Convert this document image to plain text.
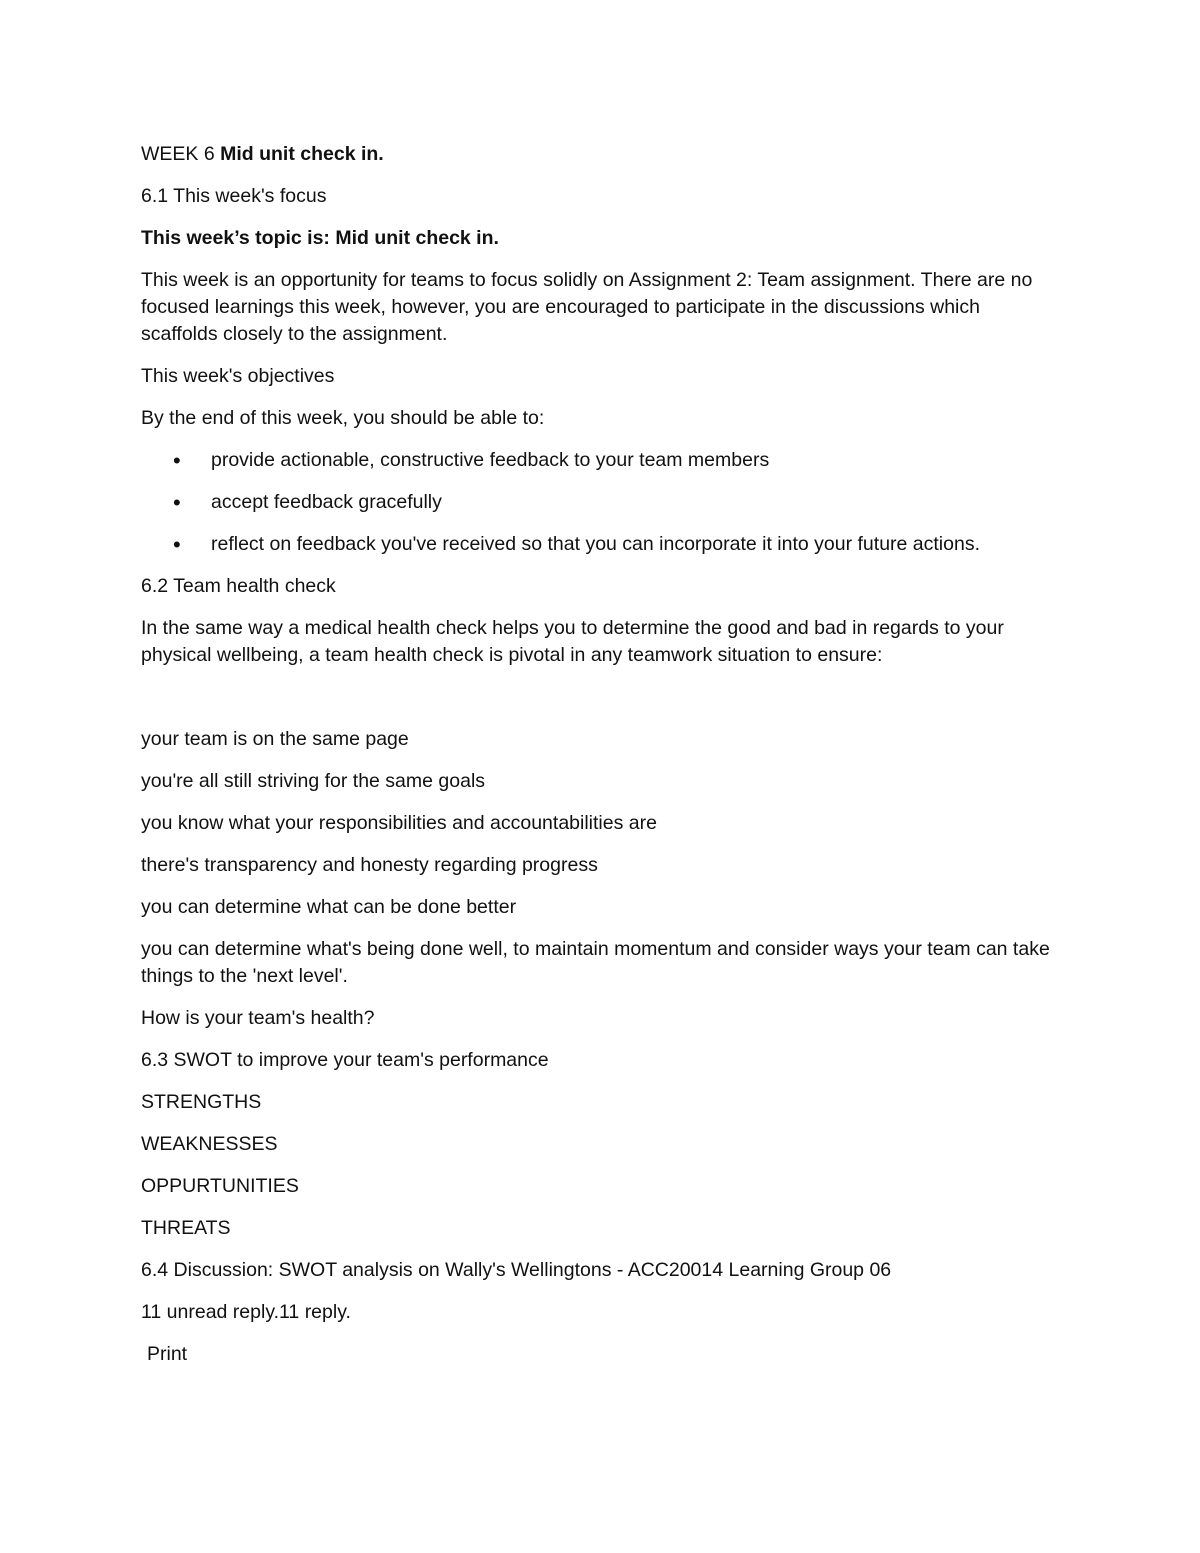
WEEK 6 Mid unit check in.

6.1 This week's focus

This week’s topic is: Mid unit check in.

This week is an opportunity for teams to focus solidly on Assignment 2: Team assignment. There are no focused learnings this week, however, you are encouraged to participate in the discussions which scaffolds closely to the assignment.

This week's objectives

By the end of this week, you should be able to:

• provide actionable, constructive feedback to your team members
• accept feedback gracefully
• reflect on feedback you've received so that you can incorporate it into your future actions.

6.2 Team health check

In the same way a medical health check helps you to determine the good and bad in regards to your physical wellbeing, a team health check is pivotal in any teamwork situation to ensure:

your team is on the same page

you're all still striving for the same goals

you know what your responsibilities and accountabilities are

there's transparency and honesty regarding progress

you can determine what can be done better

you can determine what's being done well, to maintain momentum and consider ways your team can take things to the 'next level'.

How is your team's health?

6.3 SWOT to improve your team's performance

STRENGTHS

WEAKNESSES

OPPURTUNITIES

THREATS

6.4 Discussion: SWOT analysis on Wally's Wellingtons - ACC20014 Learning Group 06

11 unread reply.11 reply.

Print
